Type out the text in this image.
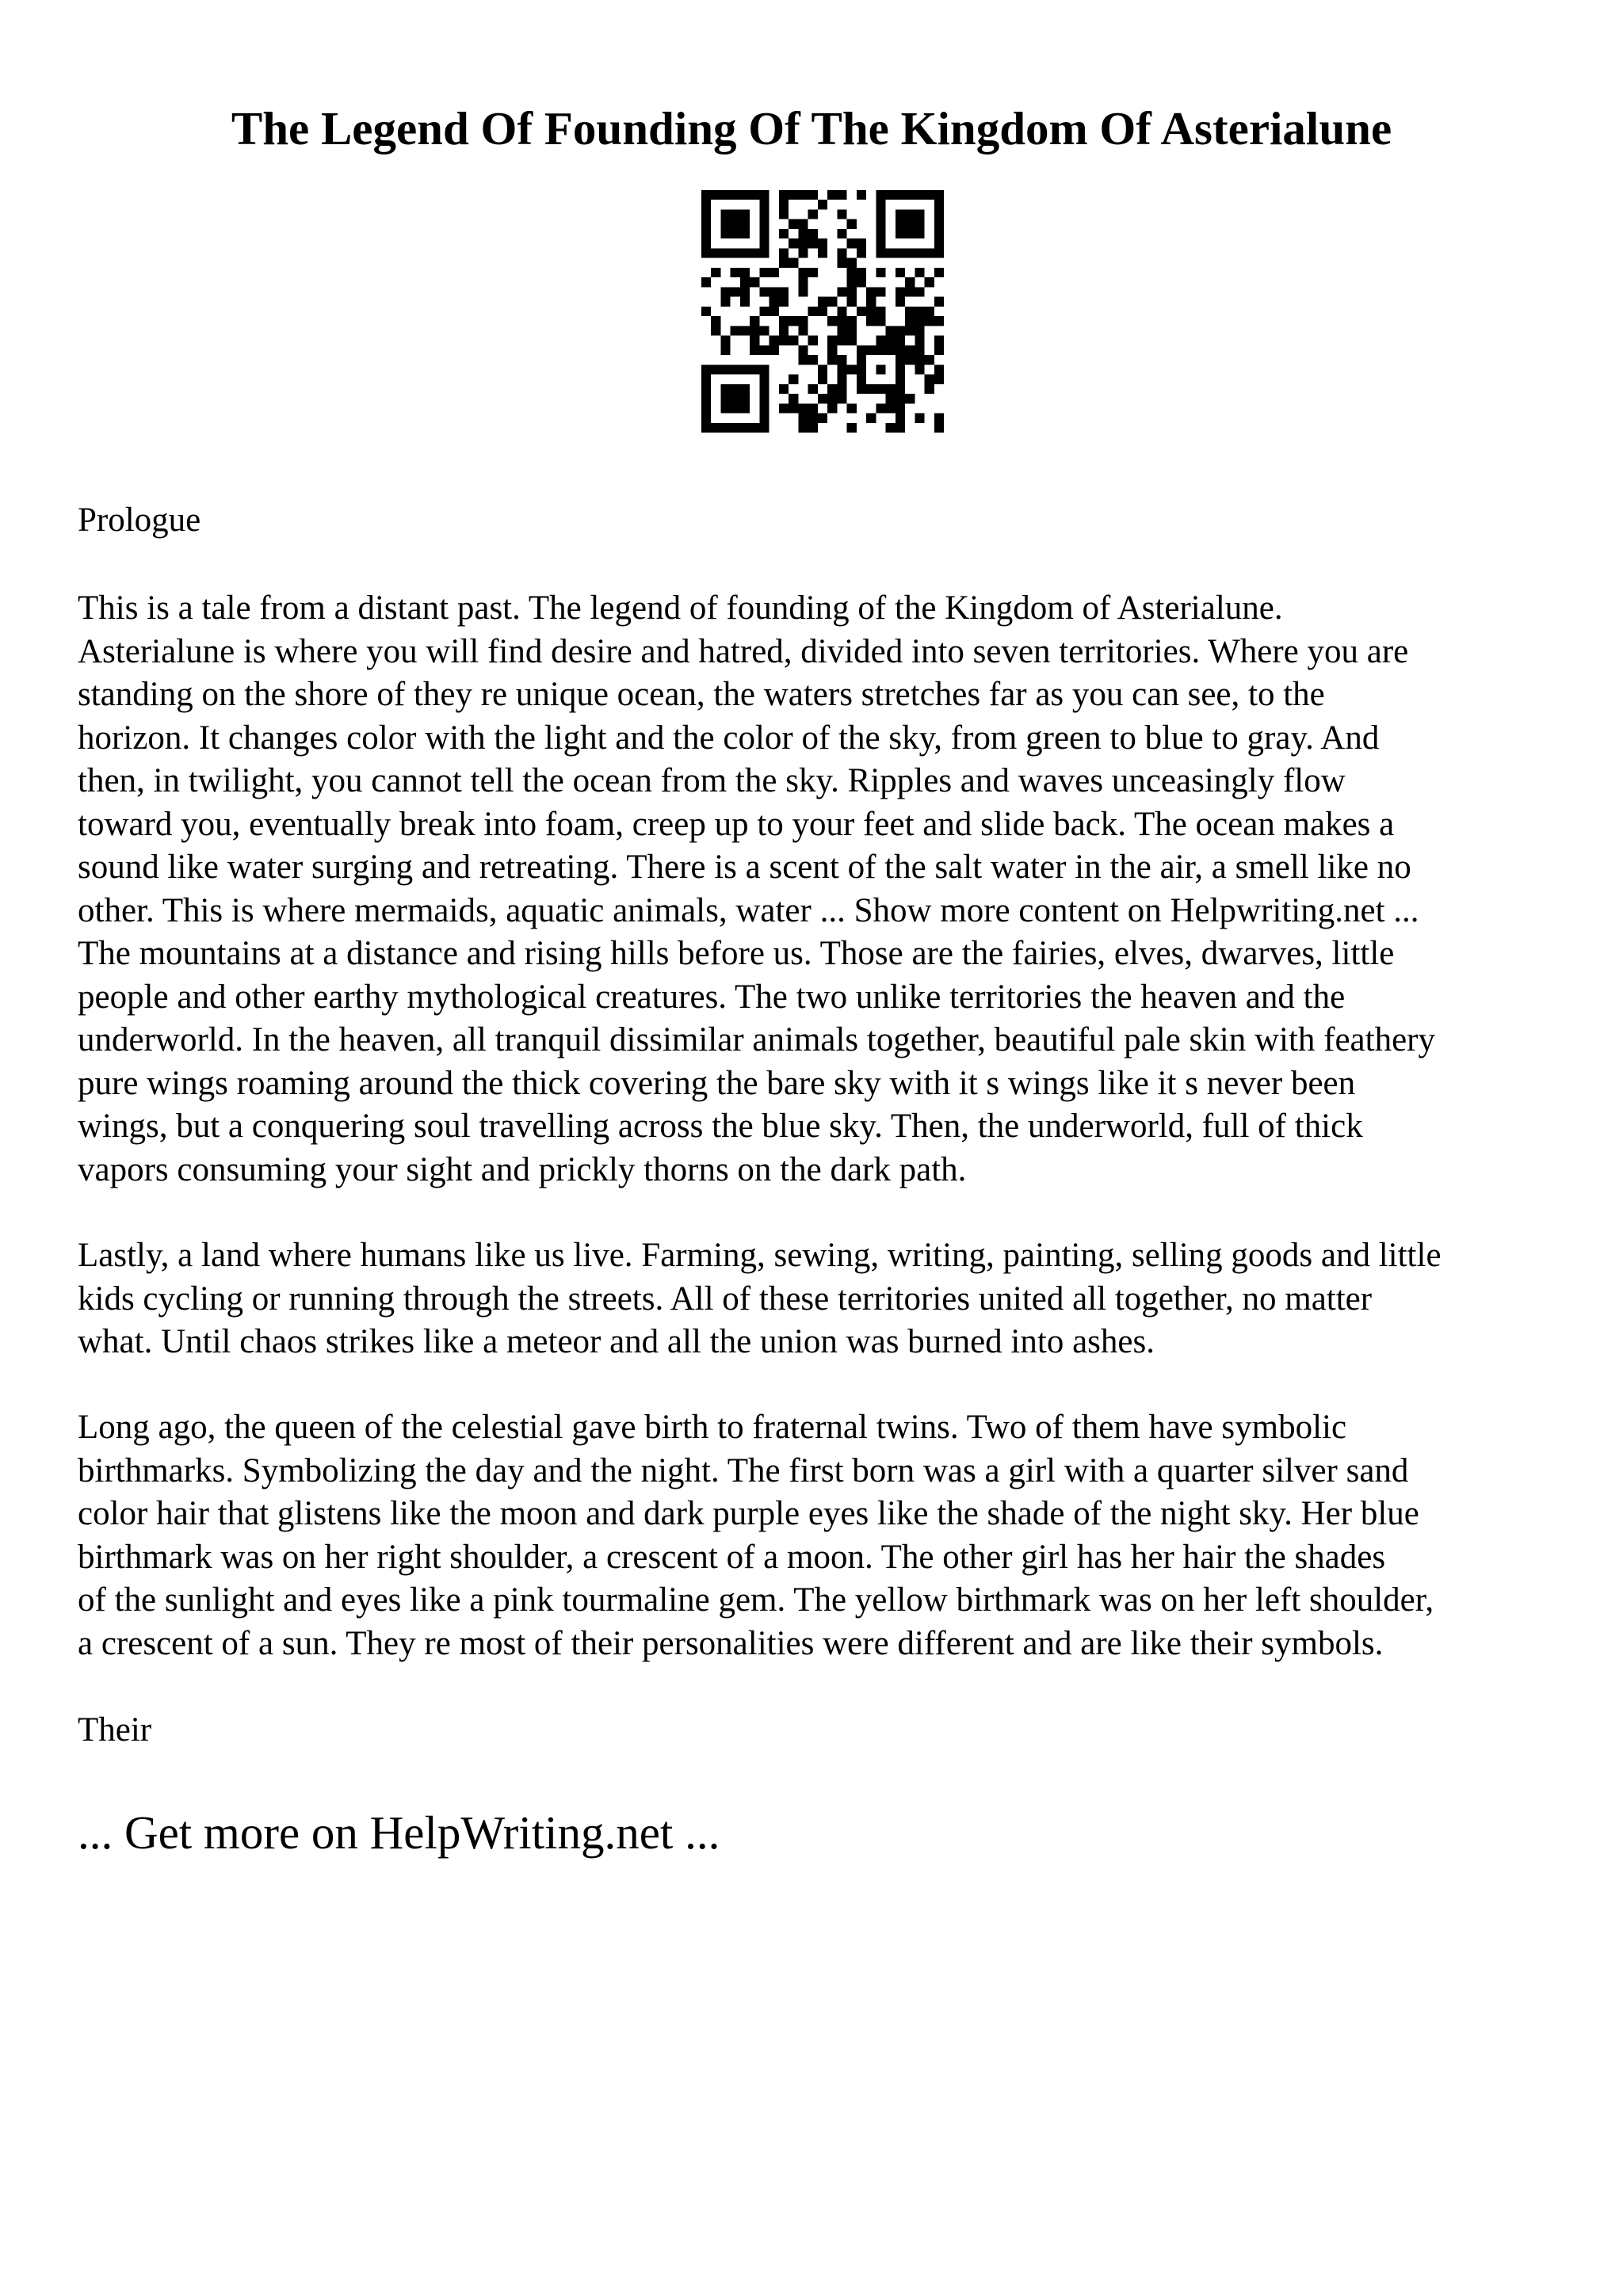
The Legend Of Founding Of The Kingdom Of Asterialune

Prologue

This is a tale from a distant past. The legend of founding of the Kingdom of Asterialune.
Asterialune is where you will find desire and hatred, divided into seven territories. Where you are
standing on the shore of they re unique ocean, the waters stretches far as you can see, to the
horizon. It changes color with the light and the color of the sky, from green to blue to gray. And
then, in twilight, you cannot tell the ocean from the sky. Ripples and waves unceasingly flow
toward you, eventually break into foam, creep up to your feet and slide back. The ocean makes a
sound like water surging and retreating. There is a scent of the salt water in the air, a smell like no
other. This is where mermaids, aquatic animals, water ... Show more content on Helpwriting.net ...
The mountains at a distance and rising hills before us. Those are the fairies, elves, dwarves, little
people and other earthy mythological creatures. The two unlike territories the heaven and the
underworld. In the heaven, all tranquil dissimilar animals together, beautiful pale skin with feathery
pure wings roaming around the thick covering the bare sky with it s wings like it s never been
wings, but a conquering soul travelling across the blue sky. Then, the underworld, full of thick
vapors consuming your sight and prickly thorns on the dark path.

Lastly, a land where humans like us live. Farming, sewing, writing, painting, selling goods and little
kids cycling or running through the streets. All of these territories united all together, no matter
what. Until chaos strikes like a meteor and all the union was burned into ashes.

Long ago, the queen of the celestial gave birth to fraternal twins. Two of them have symbolic
birthmarks. Symbolizing the day and the night. The first born was a girl with a quarter silver sand
color hair that glistens like the moon and dark purple eyes like the shade of the night sky. Her blue
birthmark was on her right shoulder, a crescent of a moon. The other girl has her hair the shades
of the sunlight and eyes like a pink tourmaline gem. The yellow birthmark was on her left shoulder,
a crescent of a sun. They re most of their personalities were different and are like their symbols.

Their

... Get more on HelpWriting.net ...
